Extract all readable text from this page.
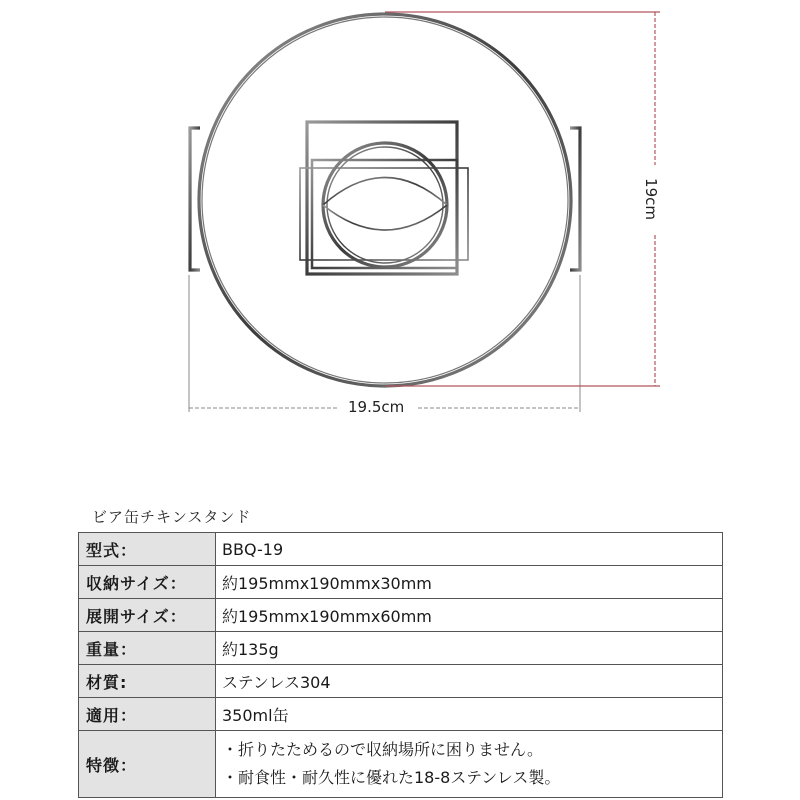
19.5cm
19cm
ビア缶チキンスタンド
型式：	BBQ-19
収納サイズ：	約195mmx190mmx30mm
展開サイズ：	約195mmx190mmx60mm
重量：	約135g
材質:	ステンレス304
適用：	350ml缶
特徴：	・折りたためるので収納場所に困りません。
・耐食性・耐久性に優れた18-8ステンレス製。
